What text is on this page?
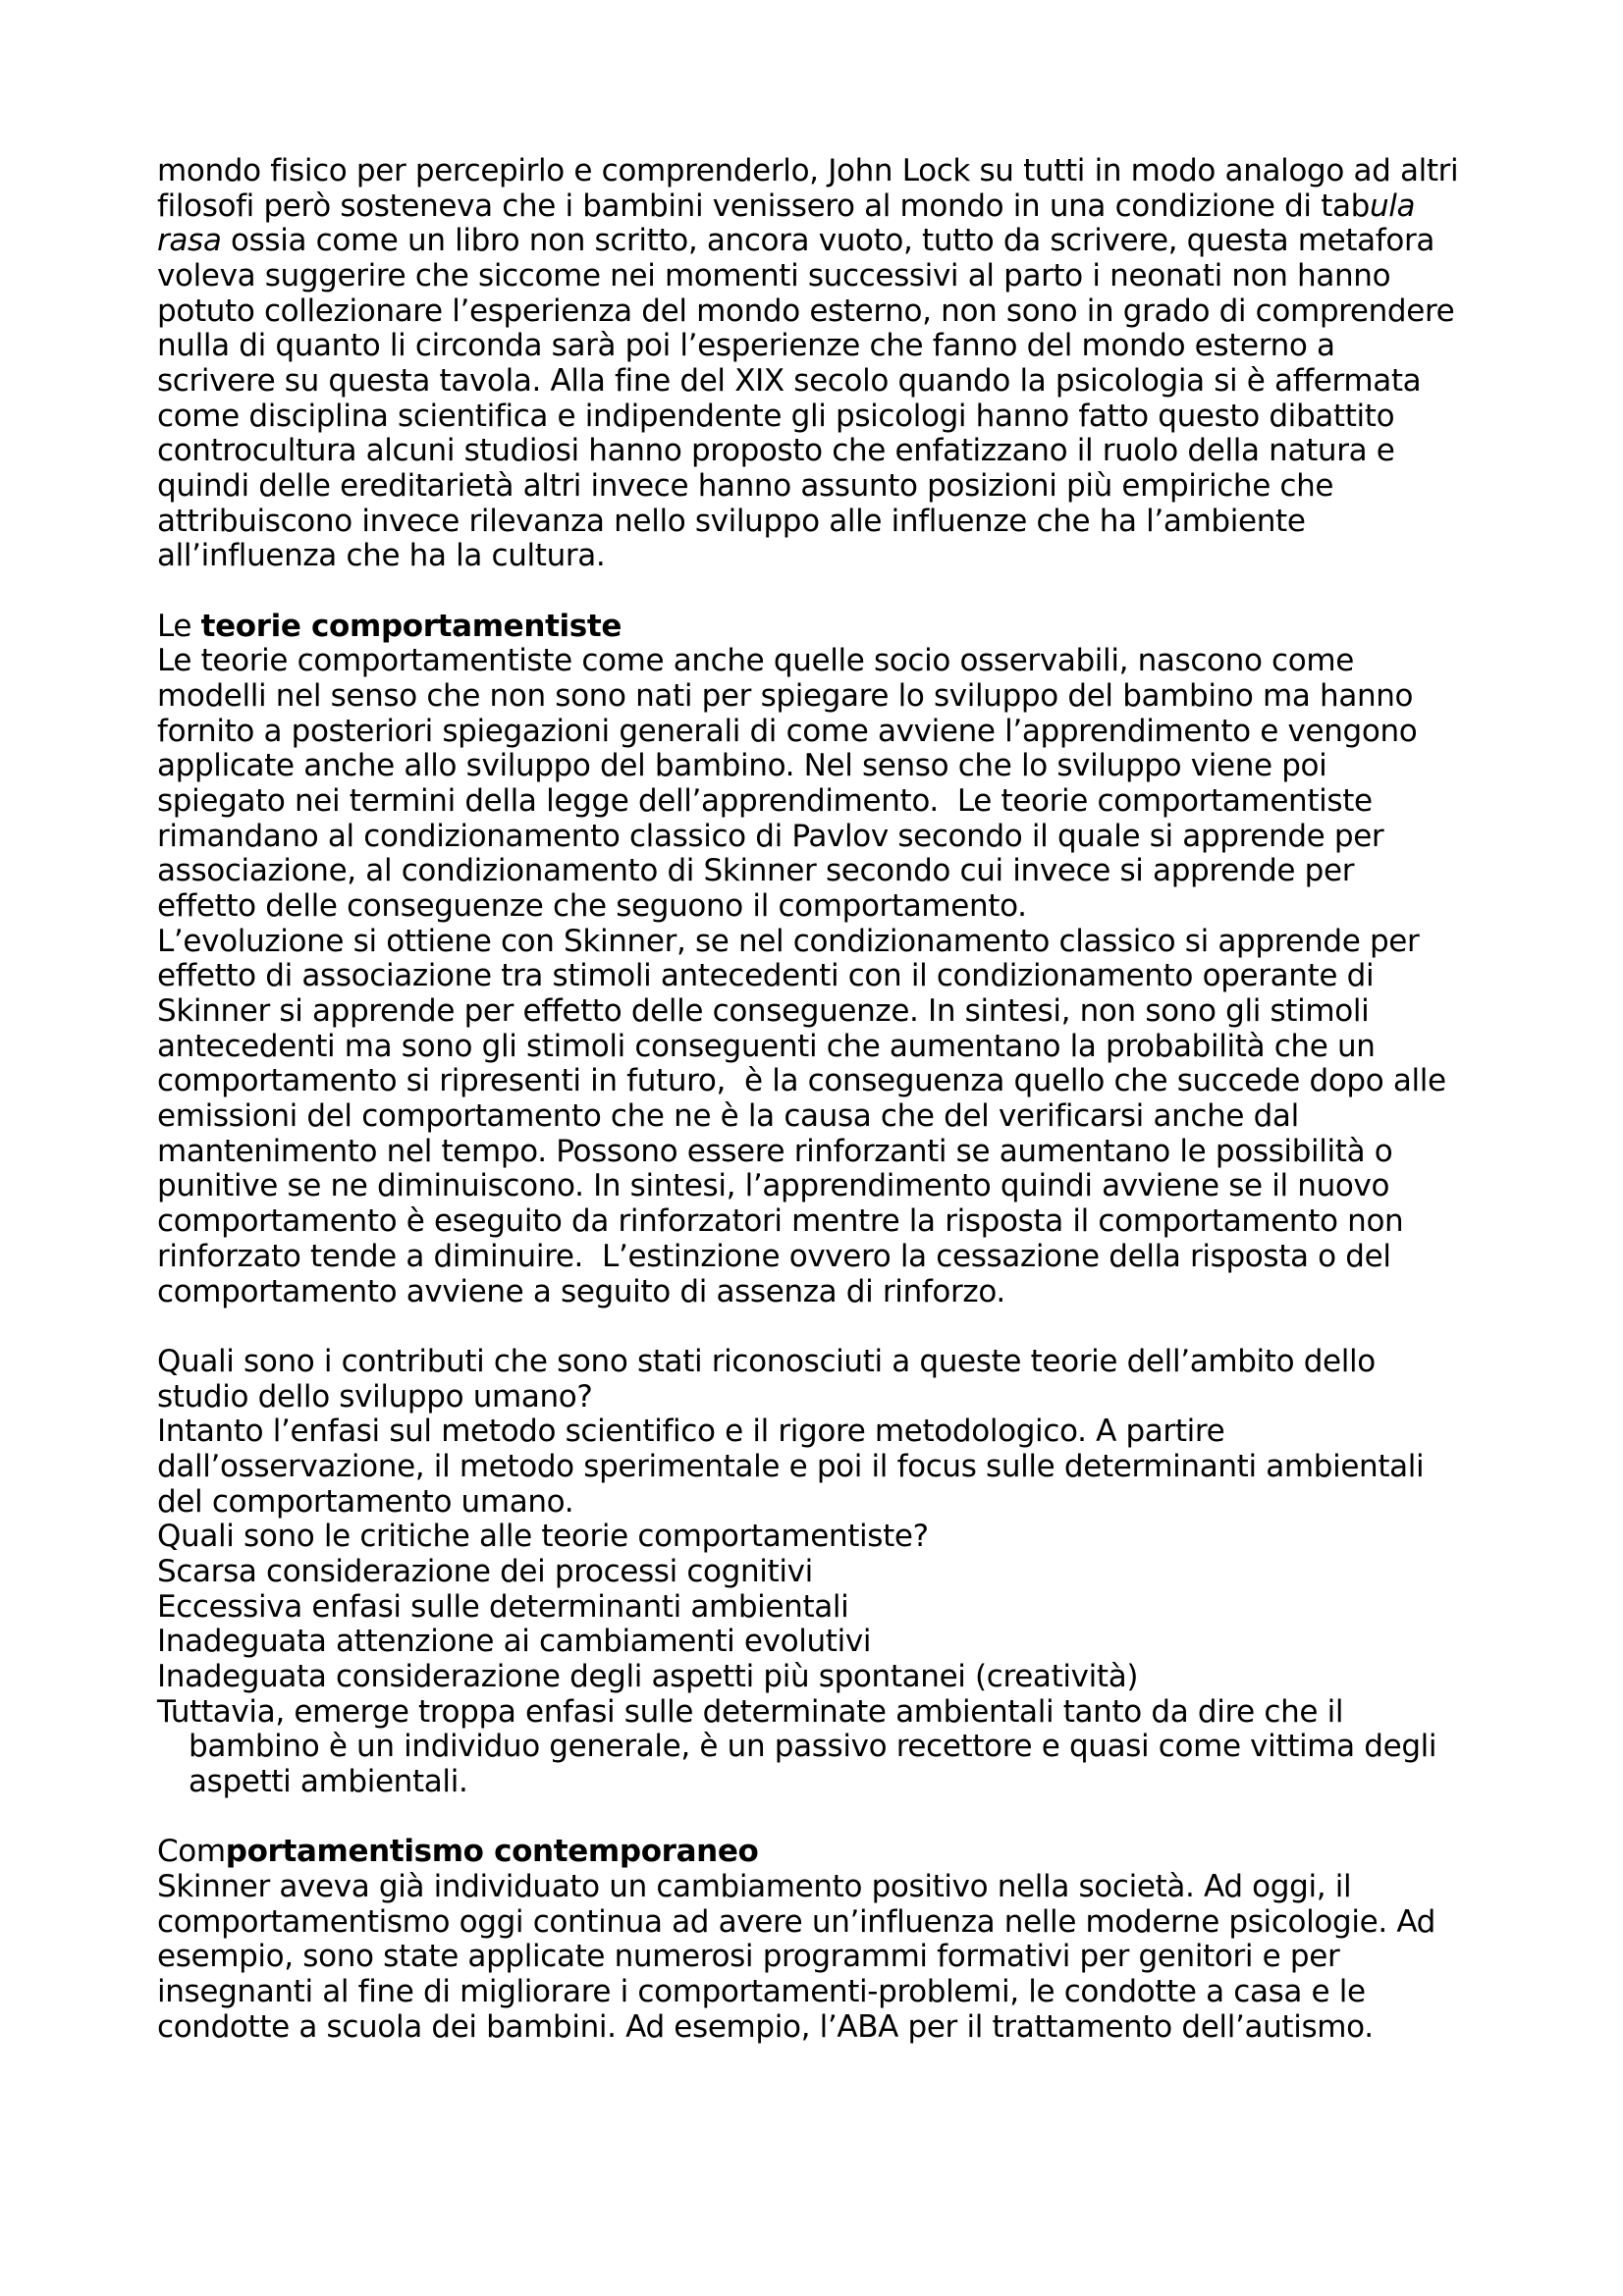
mondo fisico per percepirlo e comprenderlo, John Lock su tutti in modo analogo ad altri
filosofi però sosteneva che i bambini venissero al mondo in una condizione di tabula
rasa ossia come un libro non scritto, ancora vuoto, tutto da scrivere, questa metafora
voleva suggerire che siccome nei momenti successivi al parto i neonati non hanno
potuto collezionare l’esperienza del mondo esterno, non sono in grado di comprendere
nulla di quanto li circonda sarà poi l’esperienze che fanno del mondo esterno a
scrivere su questa tavola. Alla fine del XIX secolo quando la psicologia si è affermata
come disciplina scientifica e indipendente gli psicologi hanno fatto questo dibattito
controcultura alcuni studiosi hanno proposto che enfatizzano il ruolo della natura e
quindi delle ereditarietà altri invece hanno assunto posizioni più empiriche che
attribuiscono invece rilevanza nello sviluppo alle influenze che ha l’ambiente
all’influenza che ha la cultura.
Le teorie comportamentiste
Le teorie comportamentiste come anche quelle socio osservabili, nascono come
modelli nel senso che non sono nati per spiegare lo sviluppo del bambino ma hanno
fornito a posteriori spiegazioni generali di come avviene l’apprendimento e vengono
applicate anche allo sviluppo del bambino. Nel senso che lo sviluppo viene poi
spiegato nei termini della legge dell’apprendimento.  Le teorie comportamentiste
rimandano al condizionamento classico di Pavlov secondo il quale si apprende per
associazione, al condizionamento di Skinner secondo cui invece si apprende per
effetto delle conseguenze che seguono il comportamento.
L’evoluzione si ottiene con Skinner, se nel condizionamento classico si apprende per
effetto di associazione tra stimoli antecedenti con il condizionamento operante di
Skinner si apprende per effetto delle conseguenze. In sintesi, non sono gli stimoli
antecedenti ma sono gli stimoli conseguenti che aumentano la probabilità che un
comportamento si ripresenti in futuro,  è la conseguenza quello che succede dopo alle
emissioni del comportamento che ne è la causa che del verificarsi anche dal
mantenimento nel tempo. Possono essere rinforzanti se aumentano le possibilità o
punitive se ne diminuiscono. In sintesi, l’apprendimento quindi avviene se il nuovo
comportamento è eseguito da rinforzatori mentre la risposta il comportamento non
rinforzato tende a diminuire.  L’estinzione ovvero la cessazione della risposta o del
comportamento avviene a seguito di assenza di rinforzo.
Quali sono i contributi che sono stati riconosciuti a queste teorie dell’ambito dello
studio dello sviluppo umano?
Intanto l’enfasi sul metodo scientifico e il rigore metodologico. A partire
dall’osservazione, il metodo sperimentale e poi il focus sulle determinanti ambientali
del comportamento umano.
Quali sono le critiche alle teorie comportamentiste?
Scarsa considerazione dei processi cognitivi
Eccessiva enfasi sulle determinanti ambientali
Inadeguata attenzione ai cambiamenti evolutivi
Inadeguata considerazione degli aspetti più spontanei (creatività)
Tuttavia, emerge troppa enfasi sulle determinate ambientali tanto da dire che il
bambino è un individuo generale, è un passivo recettore e quasi come vittima degli
aspetti ambientali.
Comportamentismo contemporaneo
Skinner aveva già individuato un cambiamento positivo nella società. Ad oggi, il
comportamentismo oggi continua ad avere un’influenza nelle moderne psicologie. Ad
esempio, sono state applicate numerosi programmi formativi per genitori e per
insegnanti al fine di migliorare i comportamenti-problemi, le condotte a casa e le
condotte a scuola dei bambini. Ad esempio, l’ABA per il trattamento dell’autismo.
